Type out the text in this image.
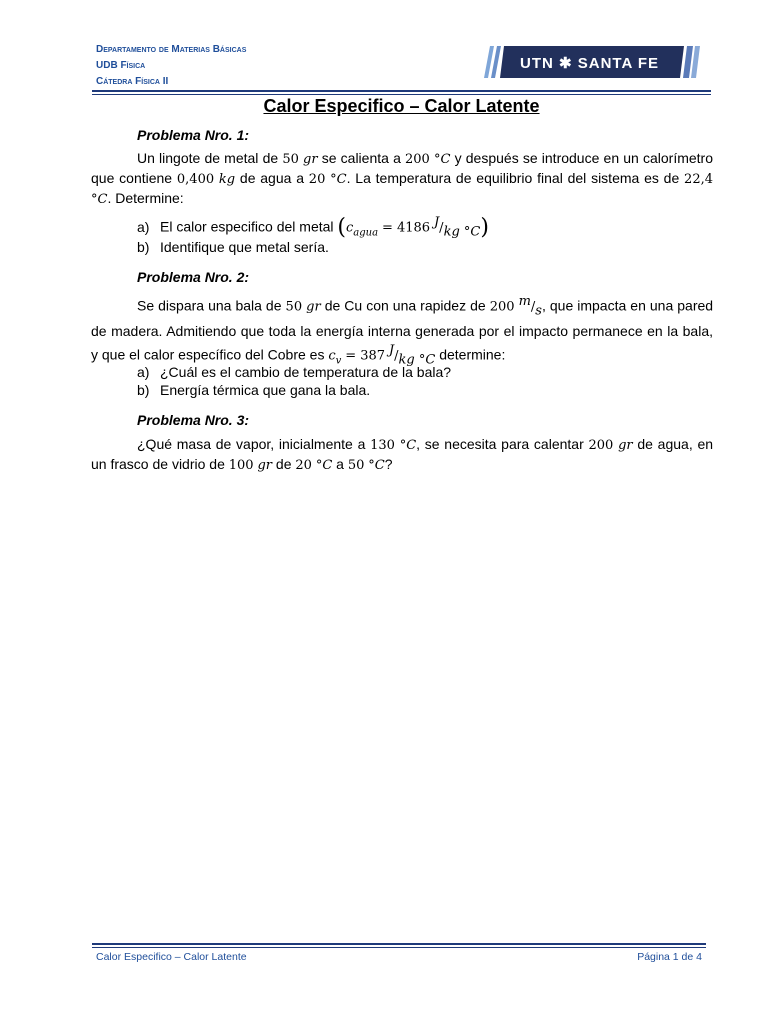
Departamento de Materias Básicas
UDB Física
Cátedra Física II
UTN ✱ SANTA FE
Calor Especifico – Calor Latente
Problema Nro. 1:
Un lingote de metal de 50 gr se calienta a 200 °C y después se introduce en un calorímetro que contiene 0,400 kg de agua a 20 °C. La temperatura de equilibrio final del sistema es de 22,4 °C. Determine:
a) El calor especifico del metal ($c_{agua} = 4186$ $^J/_{kg ^\circ C}$)
b) Identifique que metal sería.
Problema Nro. 2:
Se dispara una bala de 50 gr de Cu con una rapidez de 200 $^m/_s$, que impacta en una pared de madera. Admitiendo que toda la energía interna generada por el impacto permanece en la bala, y que el calor específico del Cobre es $c_v = 387$ $^J/_{kg ^\circ C}$ determine:
a) ¿Cuál es el cambio de temperatura de la bala?
b) Energía térmica que gana la bala.
Problema Nro. 3:
¿Qué masa de vapor, inicialmente a 130 °C, se necesita para calentar 200 gr de agua, en un frasco de vidrio de 100 gr de 20 °C a 50 °C?
Calor Especifico – Calor Latente	Página 1 de 4
